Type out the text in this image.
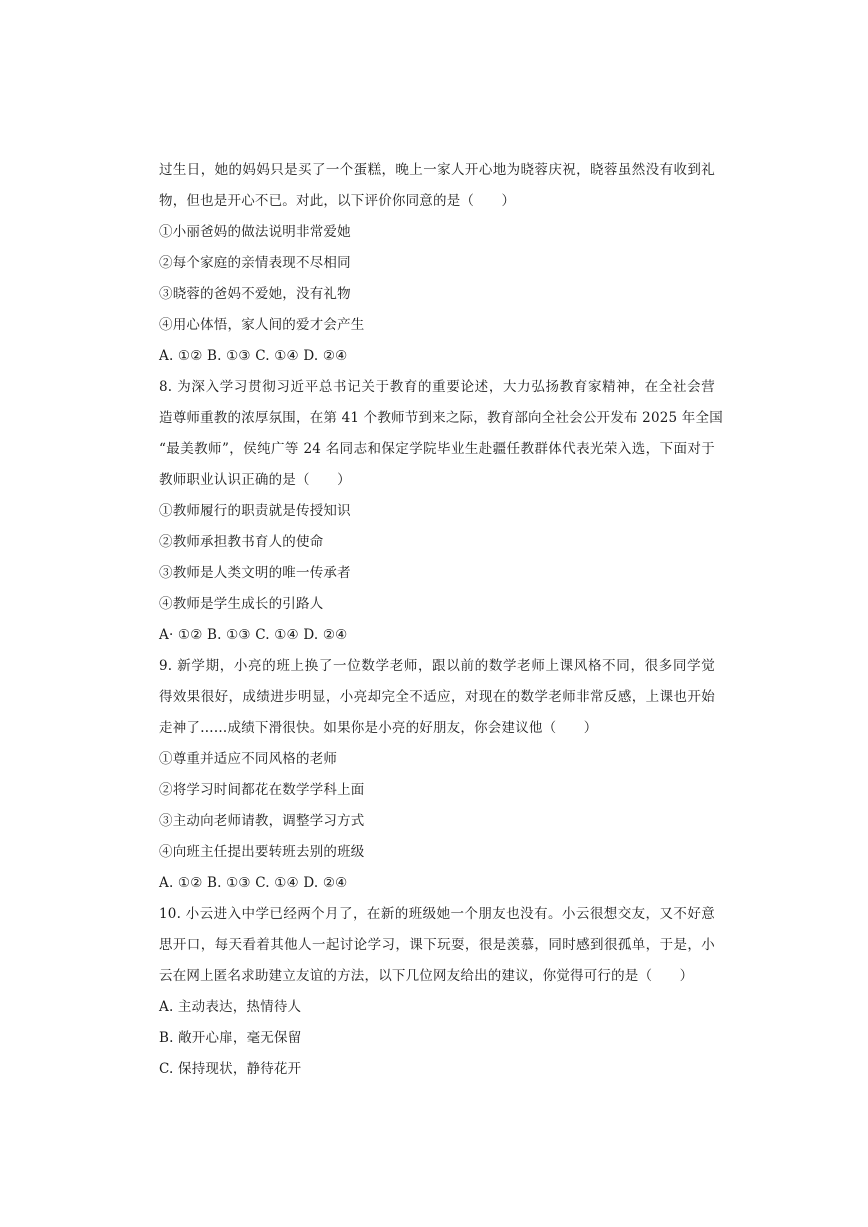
过生日，她的妈妈只是买了一个蛋糕，晚上一家人开心地为晓蓉庆祝，晓蓉虽然没有收到礼
物，但也是开心不已。对此，以下评价你同意的是（　　）
①小丽爸妈的做法说明非常爱她
②每个家庭的亲情表现不尽相同
③晓蓉的爸妈不爱她，没有礼物
④用心体悟，家人间的爱才会产生
A. ①② B. ①③ C. ①④ D. ②④
8. 为深入学习贯彻习近平总书记关于教育的重要论述，大力弘扬教育家精神，在全社会营
造尊师重教的浓厚氛围，在第 41 个教师节到来之际，教育部向全社会公开发布 2025 年全国
“最美教师”，侯纯广等 24 名同志和保定学院毕业生赴疆任教群体代表光荣入选，下面对于
教师职业认识正确的是（　　）
①教师履行的职责就是传授知识
②教师承担教书育人的使命
③教师是人类文明的唯一传承者
④教师是学生成长的引路人
A· ①② B. ①③ C. ①④ D. ②④
9. 新学期，小亮的班上换了一位数学老师，跟以前的数学老师上课风格不同，很多同学觉
得效果很好，成绩进步明显，小亮却完全不适应，对现在的数学老师非常反感，上课也开始
走神了……成绩下滑很快。如果你是小亮的好朋友，你会建议他（　　）
①尊重并适应不同风格的老师
②将学习时间都花在数学学科上面
③主动向老师请教，调整学习方式
④向班主任提出要转班去别的班级
A. ①② B. ①③ C. ①④ D. ②④
10. 小云进入中学已经两个月了，在新的班级她一个朋友也没有。小云很想交友，又不好意
思开口，每天看着其他人一起讨论学习，课下玩耍，很是羡慕，同时感到很孤单，于是，小
云在网上匿名求助建立友谊的方法，以下几位网友给出的建议，你觉得可行的是（　　）
A. 主动表达，热情待人
B. 敞开心扉，毫无保留
C. 保持现状，静待花开
